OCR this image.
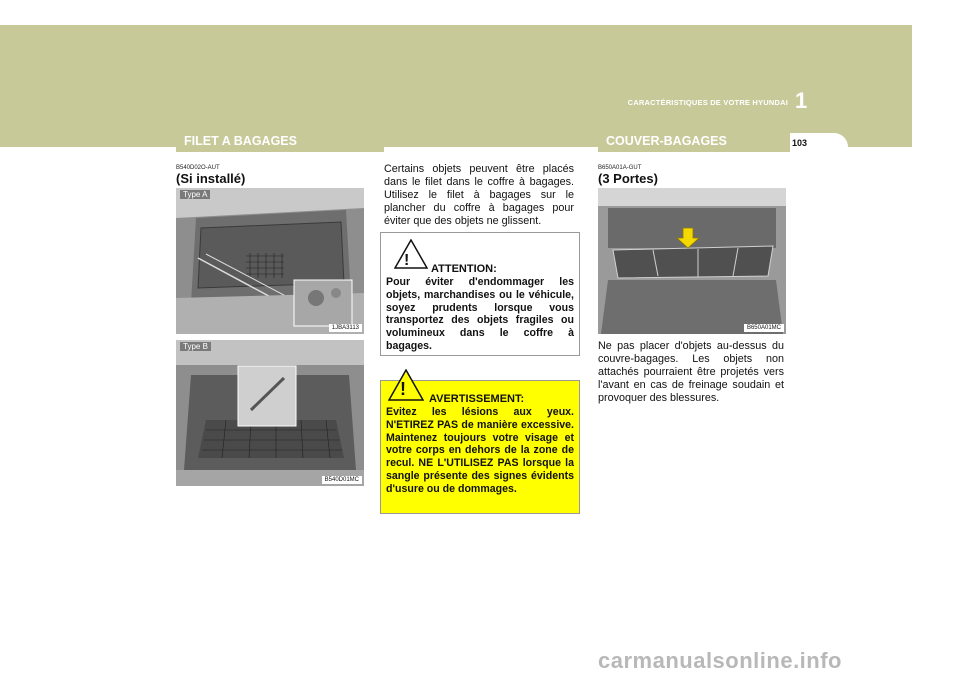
CARACTÉRISTIQUES DE VOTRE HYUNDAI 1
FILET A BAGAGES	COUVER-BAGAGES	103
B540D02O-AUT
(Si installé)
Type A
1JBA3113
Type B
B540D01MC
Certains objets peuvent être placés dans le filet dans le coffre à bagages. Utilisez le filet à bagages sur le plancher du coffre à bagages pour éviter que des objets ne glissent.
! ATTENTION:
Pour éviter d'endommager les objets, marchandises ou le véhicule, soyez prudents lorsque vous transportez des objets fragiles ou volumineux dans le coffre à bagages.
! AVERTISSEMENT:
Evitez les lésions aux yeux. N'ETIREZ PAS de manière excessive. Maintenez toujours votre visage et votre corps en dehors de la zone de recul. NE L'UTILISEZ PAS lorsque la sangle présente des signes évidents d'usure ou de dommages.
B650A01A-GUT
(3 Portes)
B650A01MC
Ne pas placer d'objets au-dessus du couvre-bagages. Les objets non attachés pourraient être projetés vers l'avant en cas de freinage soudain et provoquer des blessures.
carmanualsonline.info
